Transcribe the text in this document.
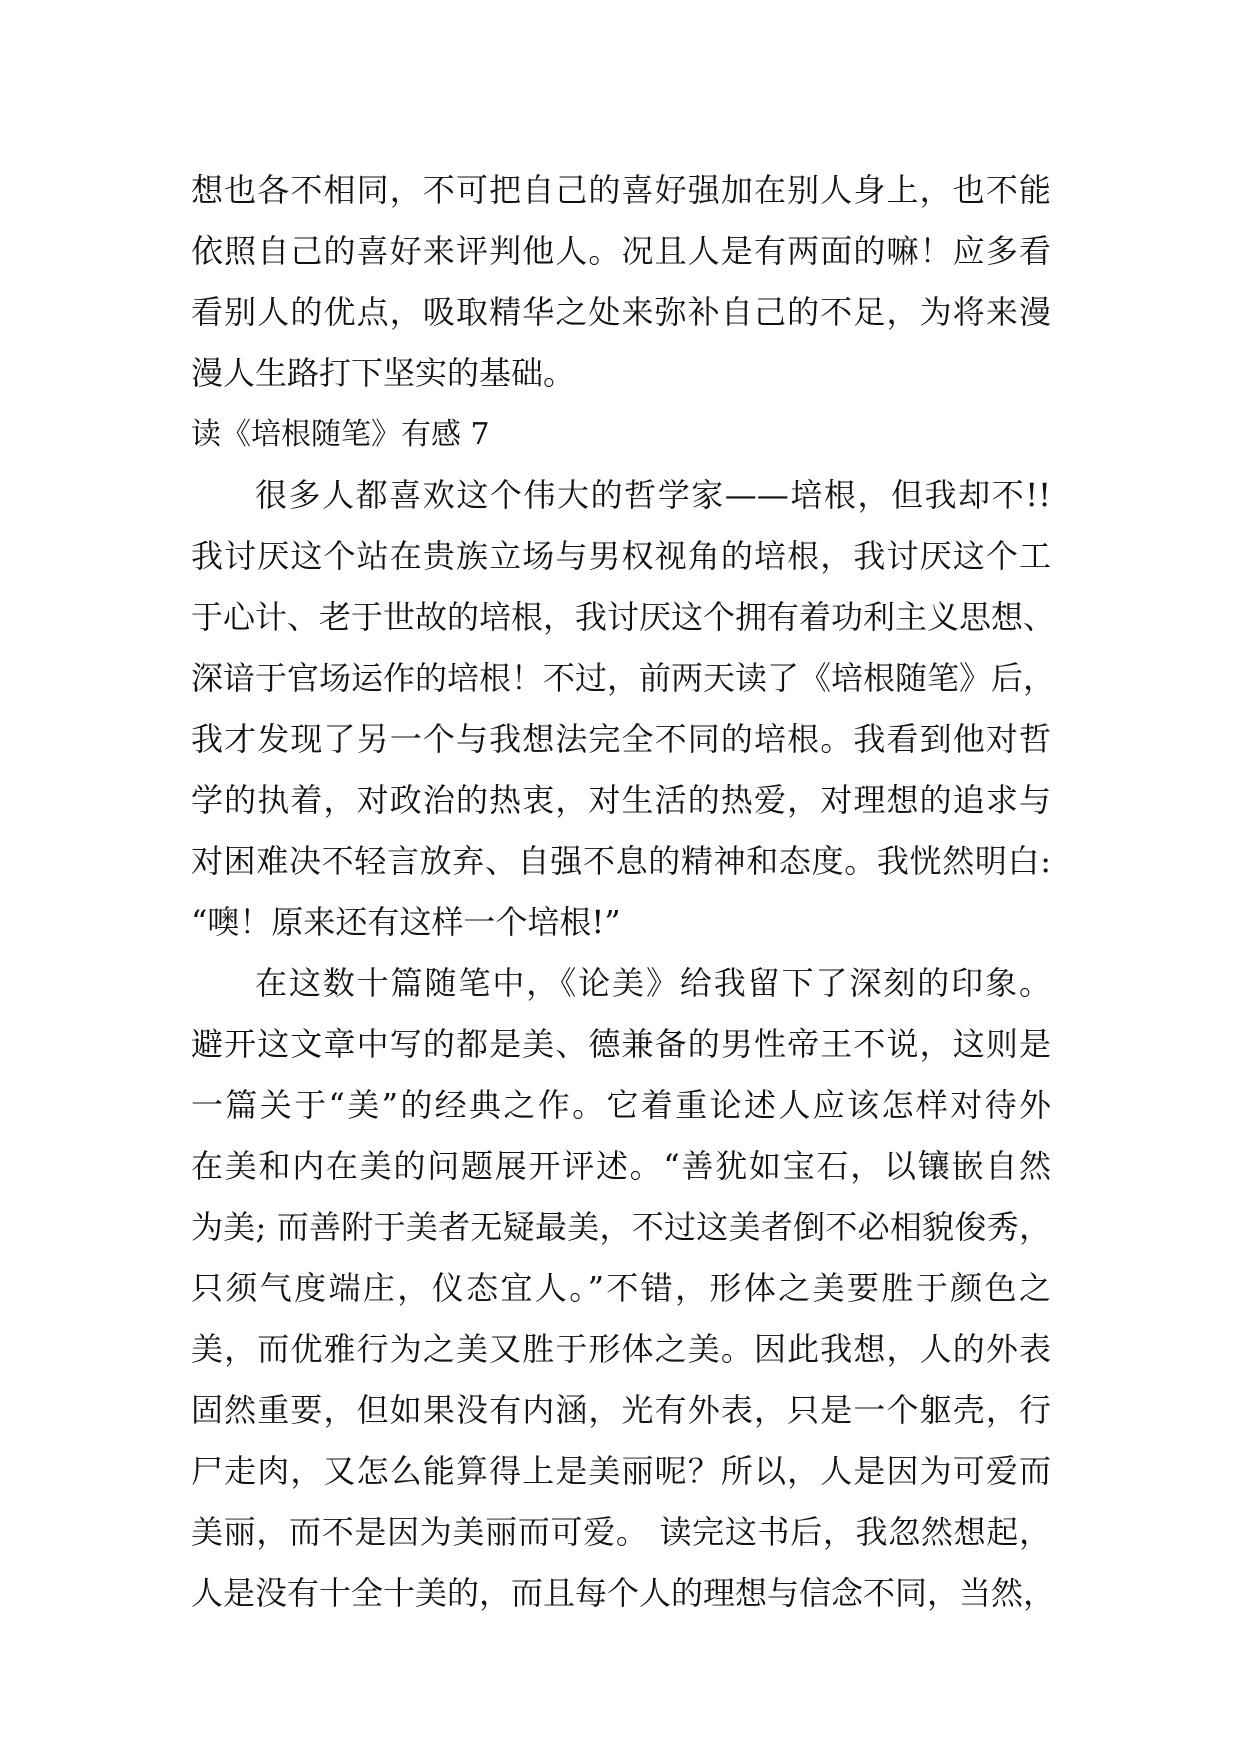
想也各不相同，不可把自己的喜好强加在别人身上，也不能
依照自己的喜好来评判他人。况且人是有两面的嘛！应多看
看别人的优点，吸取精华之处来弥补自己的不足，为将来漫
漫人生路打下坚实的基础。
读《培根随笔》有感 7
很多人都喜欢这个伟大的哲学家——培根，但我却不!!
我讨厌这个站在贵族立场与男权视角的培根，我讨厌这个工
于心计、老于世故的培根，我讨厌这个拥有着功利主义思想、
深谙于官场运作的培根！不过，前两天读了《培根随笔》后，
我才发现了另一个与我想法完全不同的培根。我看到他对哲
学的执着，对政治的热衷，对生活的热爱，对理想的追求与
对困难决不轻言放弃、自强不息的精神和态度。我恍然明白:
“噢！原来还有这样一个培根!”
在这数十篇随笔中，《论美》给我留下了深刻的印象。
避开这文章中写的都是美、德兼备的男性帝王不说，这则是
一篇关于“美”的经典之作。它着重论述人应该怎样对待外
在美和内在美的问题展开评述。“善犹如宝石，以镶嵌自然
为美; 而善附于美者无疑最美，不过这美者倒不必相貌俊秀，
只须气度端庄，仪态宜人。”不错，形体之美要胜于颜色之
美，而优雅行为之美又胜于形体之美。因此我想，人的外表
固然重要，但如果没有内涵，光有外表，只是一个躯壳，行
尸走肉，又怎么能算得上是美丽呢？所以，人是因为可爱而
美丽，而不是因为美丽而可爱。 读完这书后，我忽然想起，
人是没有十全十美的，而且每个人的理想与信念不同，当然，
